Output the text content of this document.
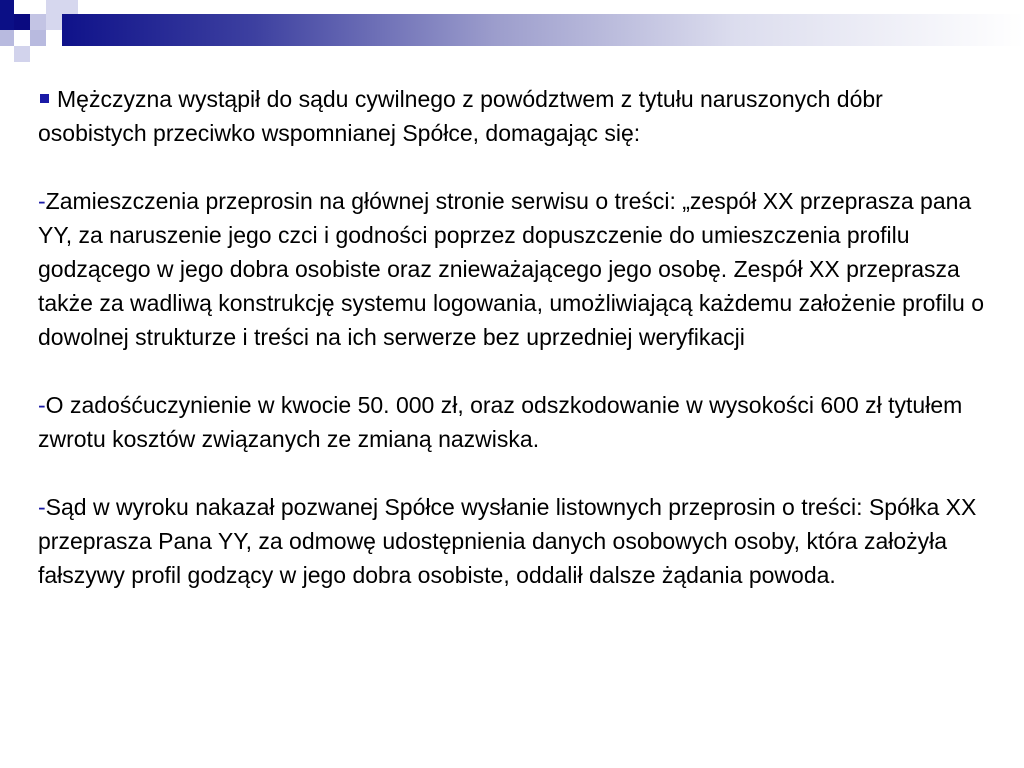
Mężczyzna wystąpił do sądu cywilnego z powództwem z tytułu naruszonych dóbr osobistych przeciwko wspomnianej Spółce, domagając się:

-Zamieszczenia przeprosin na głównej stronie serwisu o treści: „zespół XX przeprasza pana YY, za naruszenie jego czci i godności poprzez dopuszczenie do umieszczenia profilu godzącego w jego dobra osobiste oraz znieważającego jego osobę. Zespół XX przeprasza także za wadliwą konstrukcję systemu logowania, umożliwiającą każdemu założenie profilu o dowolnej strukturze i treści na ich serwerze bez uprzedniej weryfikacji

-O zadośćuczynienie w kwocie 50. 000 zł, oraz odszkodowanie w wysokości 600 zł tytułem zwrotu kosztów związanych ze zmianą nazwiska.

-Sąd w wyroku nakazał pozwanej Spółce wysłanie listownych przeprosin o treści: Spółka XX przeprasza Pana YY, za odmowę udostępnienia danych osobowych osoby, która założyła fałszywy profil godzący w jego dobra osobiste, oddalił dalsze żądania powoda.
